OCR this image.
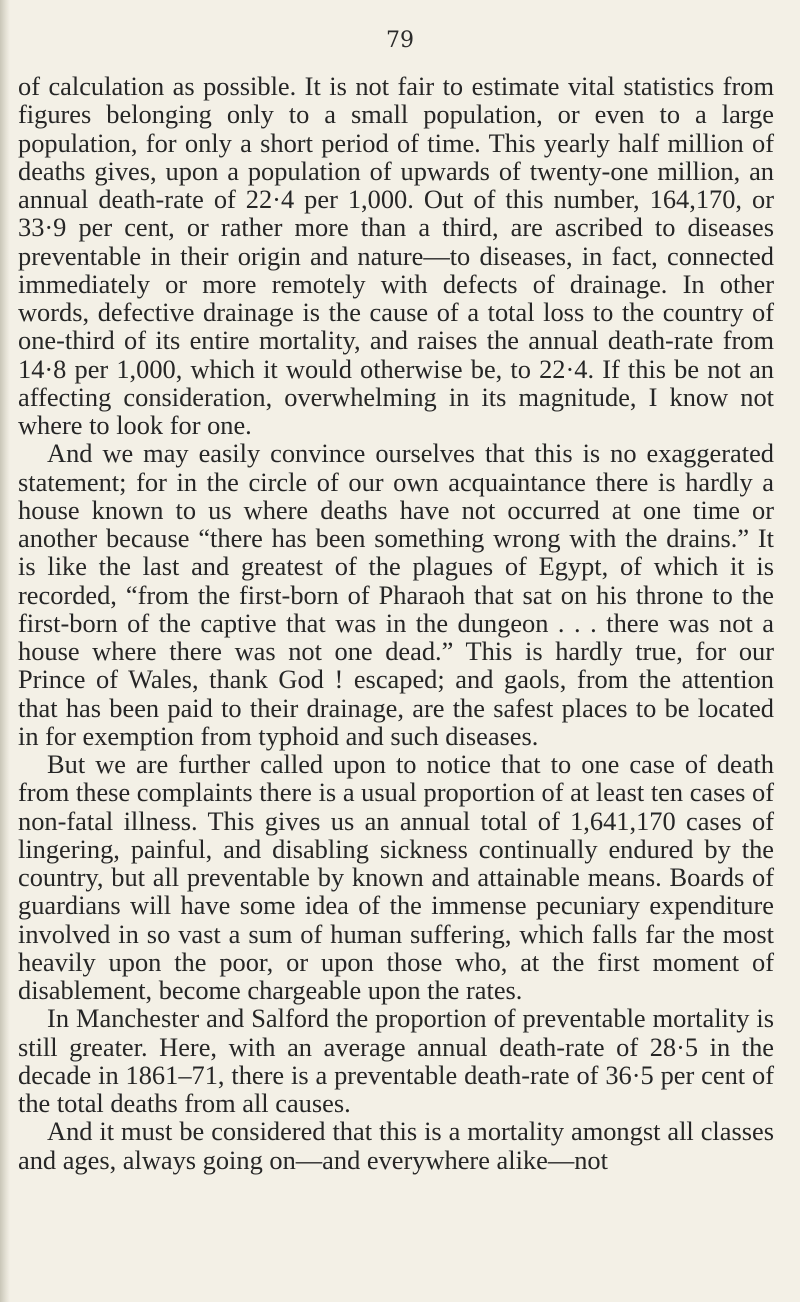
79

of calculation as possible. It is not fair to estimate vital statistics from figures belonging only to a small population, or even to a large population, for only a short period of time. This yearly half million of deaths gives, upon a population of upwards of twenty-one million, an annual death-rate of 22·4 per 1,000. Out of this number, 164,170, or 33·9 per cent, or rather more than a third, are ascribed to diseases preventable in their origin and nature—to diseases, in fact, connected immediately or more remotely with defects of drainage. In other words, defective drainage is the cause of a total loss to the country of one-third of its entire mortality, and raises the annual death-rate from 14·8 per 1,000, which it would otherwise be, to 22·4. If this be not an affecting consideration, overwhelming in its magnitude, I know not where to look for one.

And we may easily convince ourselves that this is no exaggerated statement; for in the circle of our own acquaintance there is hardly a house known to us where deaths have not occurred at one time or another because “there has been something wrong with the drains.” It is like the last and greatest of the plagues of Egypt, of which it is recorded, “from the first-born of Pharaoh that sat on his throne to the first-born of the captive that was in the dungeon . . . there was not a house where there was not one dead.” This is hardly true, for our Prince of Wales, thank God ! escaped; and gaols, from the attention that has been paid to their drainage, are the safest places to be located in for exemption from typhoid and such diseases.

But we are further called upon to notice that to one case of death from these complaints there is a usual proportion of at least ten cases of non-fatal illness. This gives us an annual total of 1,641,170 cases of lingering, painful, and disabling sickness continually endured by the country, but all preventable by known and attainable means. Boards of guardians will have some idea of the immense pecuniary expenditure involved in so vast a sum of human suffering, which falls far the most heavily upon the poor, or upon those who, at the first moment of disablement, become chargeable upon the rates.

In Manchester and Salford the proportion of preventable mortality is still greater. Here, with an average annual death-rate of 28·5 in the decade in 1861–71, there is a preventable death-rate of 36·5 per cent of the total deaths from all causes.

And it must be considered that this is a mortality amongst all classes and ages, always going on—and everywhere alike—not
